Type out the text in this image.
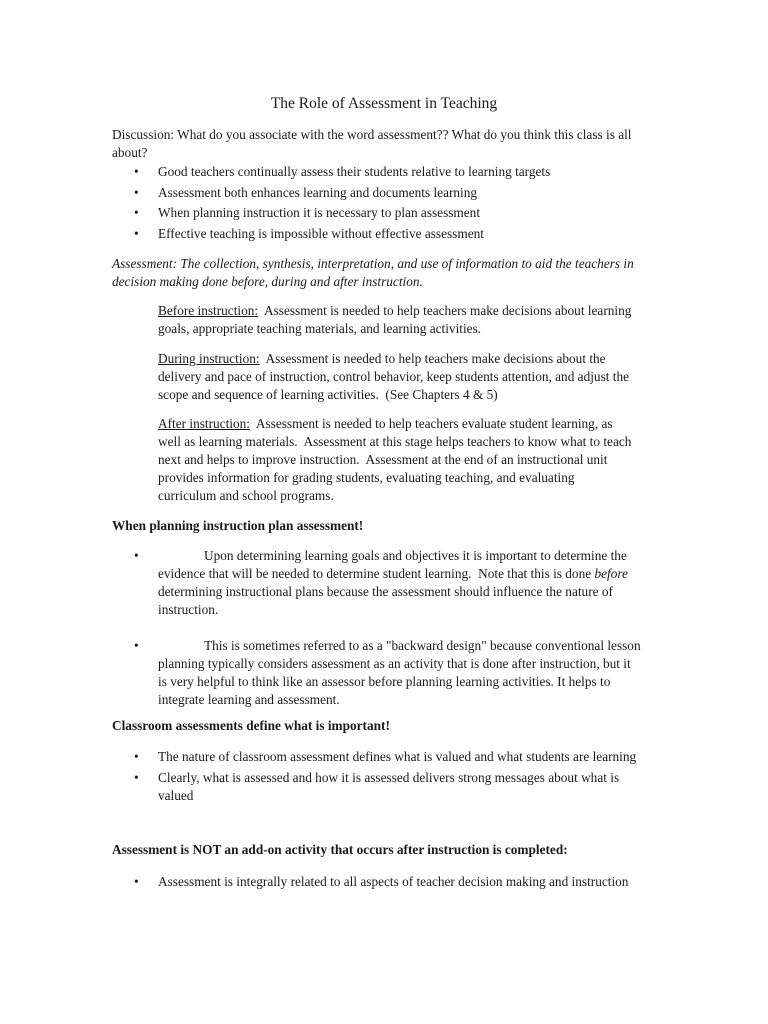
The Role of Assessment in Teaching
Discussion: What do you associate with the word assessment?? What do you think this class is all about?
• Good teachers continually assess their students relative to learning targets
• Assessment both enhances learning and documents learning
• When planning instruction it is necessary to plan assessment
• Effective teaching is impossible without effective assessment
Assessment: The collection, synthesis, interpretation, and use of information to aid the teachers in decision making done before, during and after instruction.
Before instruction:  Assessment is needed to help teachers make decisions about learning goals, appropriate teaching materials, and learning activities.
During instruction:  Assessment is needed to help teachers make decisions about the delivery and pace of instruction, control behavior, keep students attention, and adjust the scope and sequence of learning activities.  (See Chapters 4 & 5)
After instruction:  Assessment is needed to help teachers evaluate student learning, as well as learning materials.  Assessment at this stage helps teachers to know what to teach next and helps to improve instruction.  Assessment at the end of an instructional unit provides information for grading students, evaluating teaching, and evaluating curriculum and school programs.
When planning instruction plan assessment!
•	Upon determining learning goals and objectives it is important to determine the evidence that will be needed to determine student learning.  Note that this is done before determining instructional plans because the assessment should influence the nature of instruction.
•	This is sometimes referred to as a "backward design" because conventional lesson planning typically considers assessment as an activity that is done after instruction, but it is very helpful to think like an assessor before planning learning activities. It helps to integrate learning and assessment.
Classroom assessments define what is important!
• The nature of classroom assessment defines what is valued and what students are learning
• Clearly, what is assessed and how it is assessed delivers strong messages about what is valued
Assessment is NOT an add-on activity that occurs after instruction is completed:
• Assessment is integrally related to all aspects of teacher decision making and instruction
